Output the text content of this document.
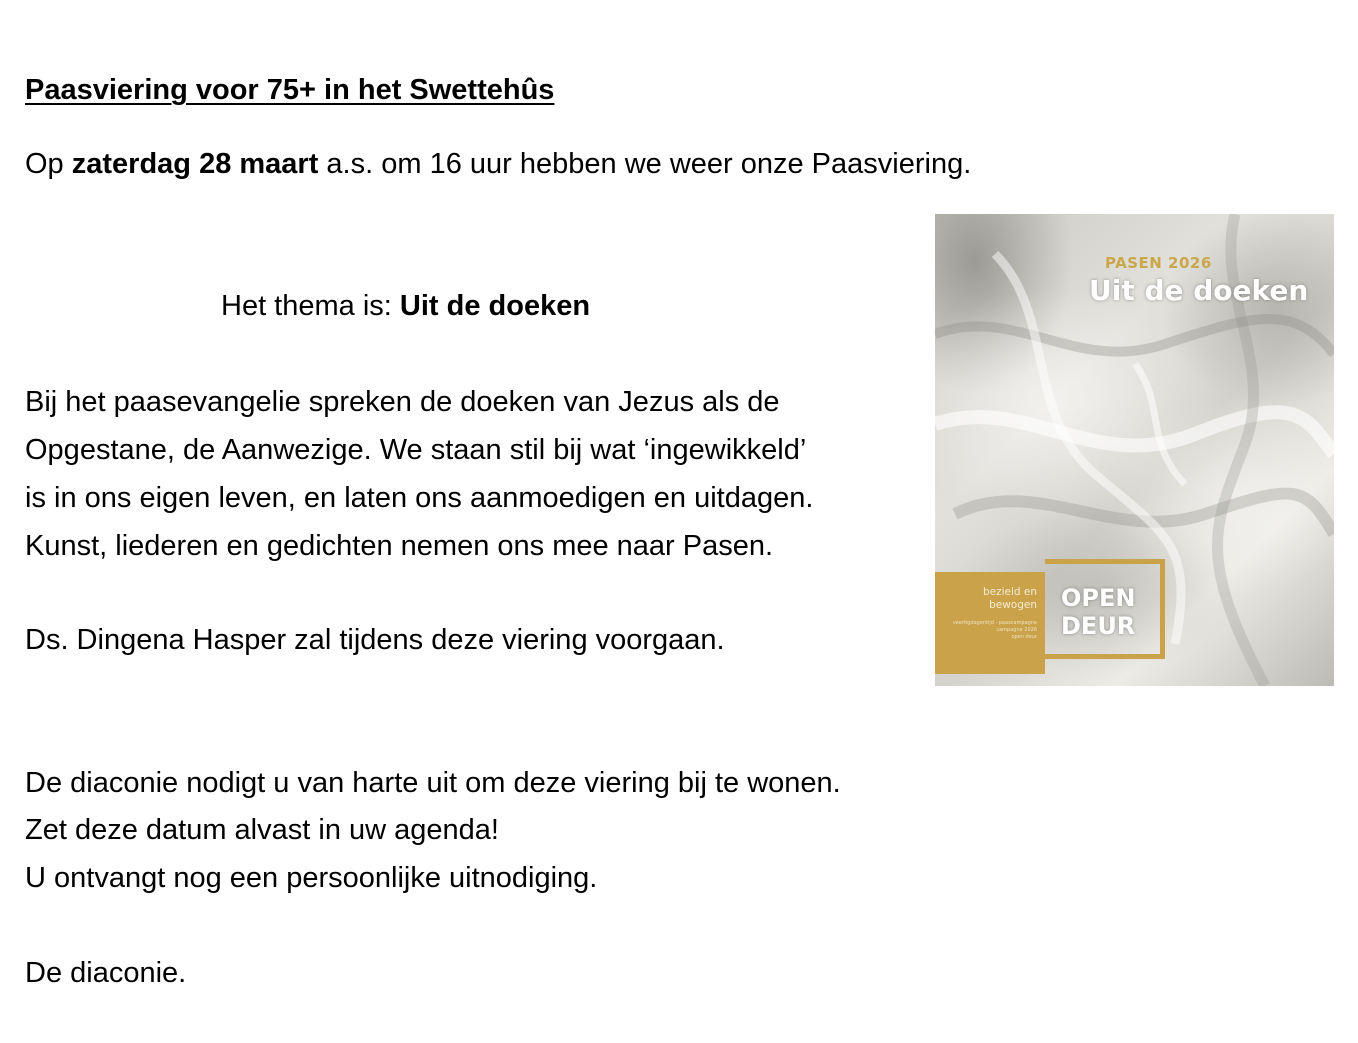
Paasviering voor 75+ in het Swettehûs
Op zaterdag 28 maart a.s. om 16 uur hebben we weer onze Paasviering.
Het thema is: Uit de doeken
Bij het paasevangelie spreken de doeken van Jezus als de
Opgestane, de Aanwezige. We staan stil bij wat ‘ingewikkeld’
is in ons eigen leven, en laten ons aanmoedigen en uitdagen.
Kunst, liederen en gedichten nemen ons mee naar Pasen.
Ds. Dingena Hasper zal tijdens deze viering voorgaan.
De diaconie nodigt u van harte uit om deze viering bij te wonen.
Zet deze datum alvast in uw agenda!
U ontvangt nog een persoonlijke uitnodiging.
De diaconie.
PASEN 2026
Uit de doeken
bezield en
bewogen
veertigdagentijd · paascampagne
campagne 2026
open deur
OPEN
DEUR
